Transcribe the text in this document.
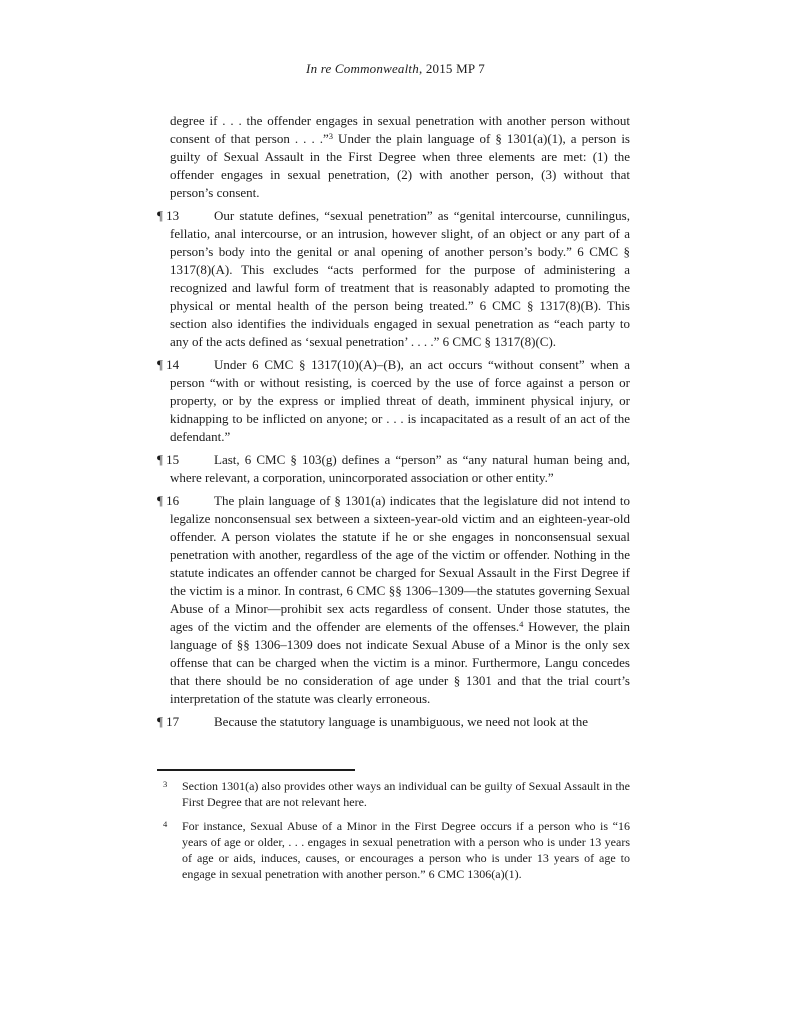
In re Commonwealth, 2015 MP 7

degree if . . . the offender engages in sexual penetration with another person without consent of that person . . . .”$^3$ Under the plain language of § 1301(a)(1), a person is guilty of Sexual Assault in the First Degree when three elements are met: (1) the offender engages in sexual penetration, (2) with another person, (3) without that person’s consent.

¶ 13	Our statute defines, “sexual penetration” as “genital intercourse, cunnilingus, fellatio, anal intercourse, or an intrusion, however slight, of an object or any part of a person’s body into the genital or anal opening of another person’s body.” 6 CMC § 1317(8)(A). This excludes “acts performed for the purpose of administering a recognized and lawful form of treatment that is reasonably adapted to promoting the physical or mental health of the person being treated.” 6 CMC § 1317(8)(B). This section also identifies the individuals engaged in sexual penetration as “each party to any of the acts defined as ‘sexual penetration’ . . . .” 6 CMC § 1317(8)(C).

¶ 14	Under 6 CMC § 1317(10)(A)–(B), an act occurs “without consent” when a person “with or without resisting, is coerced by the use of force against a person or property, or by the express or implied threat of death, imminent physical injury, or kidnapping to be inflicted on anyone; or . . . is incapacitated as a result of an act of the defendant.”

¶ 15	Last, 6 CMC § 103(g) defines a “person” as “any natural human being and, where relevant, a corporation, unincorporated association or other entity.”

¶ 16	The plain language of § 1301(a) indicates that the legislature did not intend to legalize nonconsensual sex between a sixteen-year-old victim and an eighteen-year-old offender. A person violates the statute if he or she engages in nonconsensual sexual penetration with another, regardless of the age of the victim or offender. Nothing in the statute indicates an offender cannot be charged for Sexual Assault in the First Degree if the victim is a minor. In contrast, 6 CMC §§ 1306–1309—the statutes governing Sexual Abuse of a Minor—prohibit sex acts regardless of consent. Under those statutes, the ages of the victim and the offender are elements of the offenses.$^4$ However, the plain language of §§ 1306–1309 does not indicate Sexual Abuse of a Minor is the only sex offense that can be charged when the victim is a minor. Furthermore, Langu concedes that there should be no consideration of age under § 1301 and that the trial court’s interpretation of the statute was clearly erroneous.

¶ 17	Because the statutory language is unambiguous, we need not look at the

3 Section 1301(a) also provides other ways an individual can be guilty of Sexual Assault in the First Degree that are not relevant here.
4 For instance, Sexual Abuse of a Minor in the First Degree occurs if a person who is “16 years of age or older, . . . engages in sexual penetration with a person who is under 13 years of age or aids, induces, causes, or encourages a person who is under 13 years of age to engage in sexual penetration with another person.” 6 CMC 1306(a)(1).
